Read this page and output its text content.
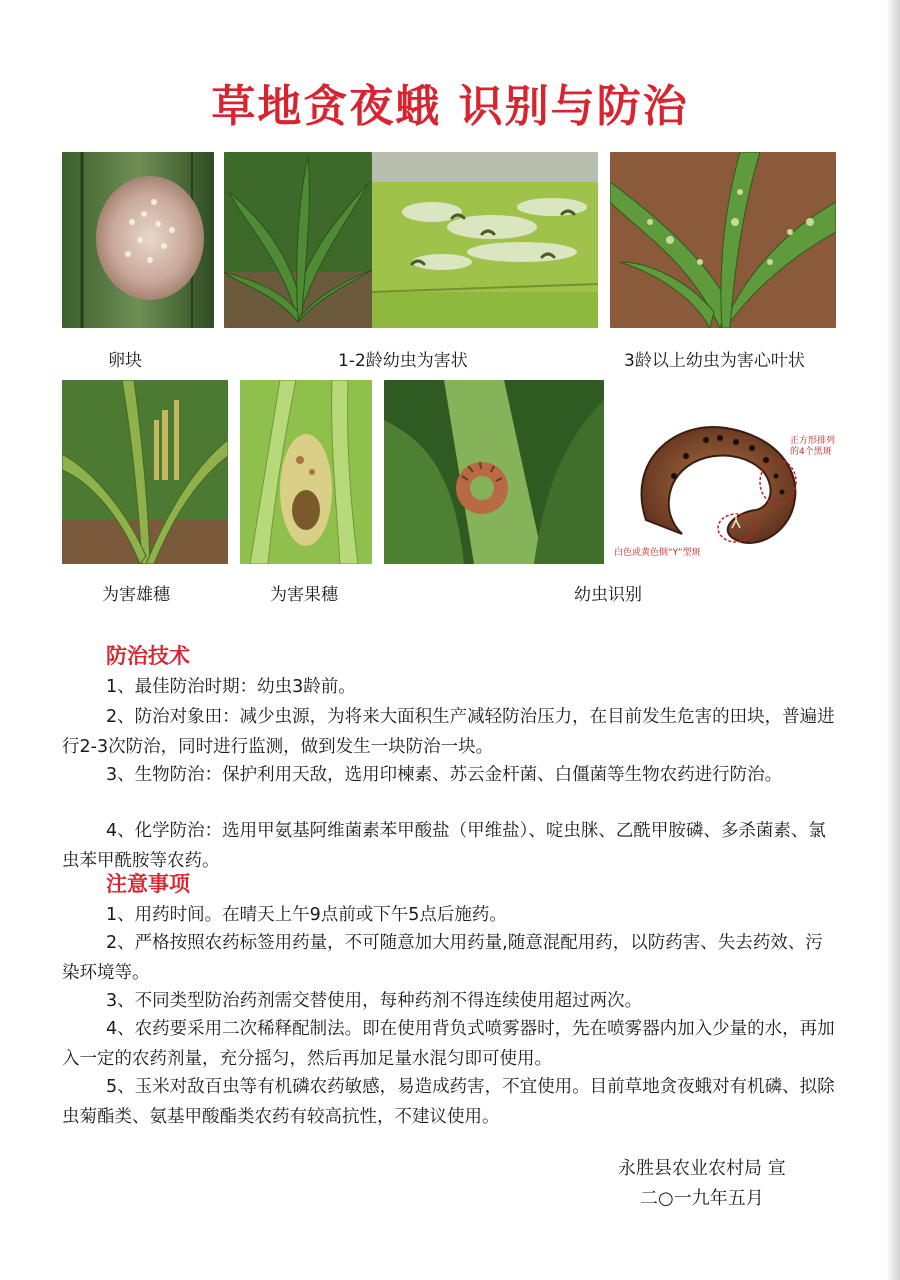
草地贪夜蛾 识别与防治
卵块	1-2龄幼虫为害状	3龄以上幼虫为害心叶状
正方形排列
的4个黑斑
白色或黄色倒“Y”型斑
为害雄穗	为害果穗	幼虫识别
防治技术
1、最佳防治时期：幼虫3龄前。
2、防治对象田：减少虫源，为将来大面积生产减轻防治压力，在目前发生危害的田块，普遍进行2-3次防治，同时进行监测，做到发生一块防治一块。
3、生物防治：保护利用天敌，选用印楝素、苏云金杆菌、白僵菌等生物农药进行防治。
4、化学防治：选用甲氨基阿维菌素苯甲酸盐（甲维盐）、啶虫脒、乙酰甲胺磷、多杀菌素、氯虫苯甲酰胺等农药。
注意事项
1、用药时间。在晴天上午9点前或下午5点后施药。
2、严格按照农药标签用药量，不可随意加大用药量,随意混配用药，以防药害、失去药效、污染环境等。
3、不同类型防治药剂需交替使用，每种药剂不得连续使用超过两次。
4、农药要采用二次稀释配制法。即在使用背负式喷雾器时，先在喷雾器内加入少量的水，再加入一定的农药剂量，充分摇匀，然后再加足量水混匀即可使用。
5、玉米对敌百虫等有机磷农药敏感，易造成药害，不宜使用。目前草地贪夜蛾对有机磷、拟除虫菊酯类、氨基甲酸酯类农药有较高抗性，不建议使用。
永胜县农业农村局 宣
二○一九年五月
